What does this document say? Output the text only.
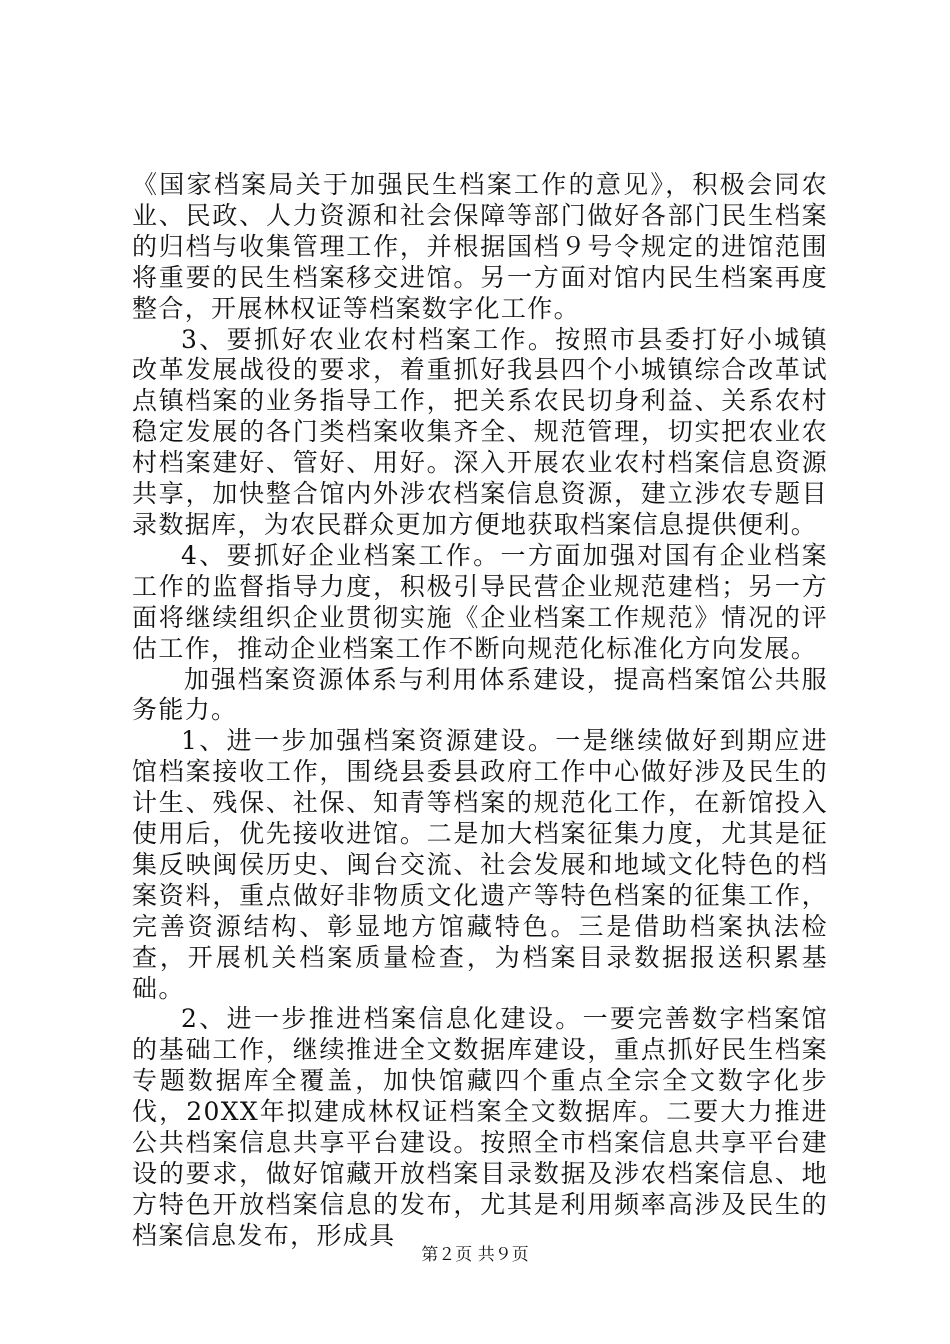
《国家档案局关于加强民生档案工作的意见》，积极会同农业、民政、人力资源和社会保障等部门做好各部门民生档案的归档与收集管理工作，并根据国档９号令规定的进馆范围将重要的民生档案移交进馆。另一方面对馆内民生档案再度整合，开展林权证等档案数字化工作。

3、要抓好农业农村档案工作。按照市县委打好小城镇改革发展战役的要求，着重抓好我县四个小城镇综合改革试点镇档案的业务指导工作，把关系农民切身利益、关系农村稳定发展的各门类档案收集齐全、规范管理，切实把农业农村档案建好、管好、用好。深入开展农业农村档案信息资源共享，加快整合馆内外涉农档案信息资源，建立涉农专题目录数据库，为农民群众更加方便地获取档案信息提供便利。

4、要抓好企业档案工作。一方面加强对国有企业档案工作的监督指导力度，积极引导民营企业规范建档；另一方面将继续组织企业贯彻实施《企业档案工作规范》情况的评估工作，推动企业档案工作不断向规范化标准化方向发展。

加强档案资源体系与利用体系建设，提高档案馆公共服务能力。

1、进一步加强档案资源建设。一是继续做好到期应进馆档案接收工作，围绕县委县政府工作中心做好涉及民生的计生、残保、社保、知青等档案的规范化工作，在新馆投入使用后，优先接收进馆。二是加大档案征集力度，尤其是征集反映闽侯历史、闽台交流、社会发展和地域文化特色的档案资料，重点做好非物质文化遗产等特色档案的征集工作，完善资源结构、彰显地方馆藏特色。三是借助档案执法检查，开展机关档案质量检查，为档案目录数据报送积累基础。

2、进一步推进档案信息化建设。一要完善数字档案馆的基础工作，继续推进全文数据库建设，重点抓好民生档案专题数据库全覆盖，加快馆藏四个重点全宗全文数字化步伐，20XX年拟建成林权证档案全文数据库。二要大力推进公共档案信息共享平台建设。按照全市档案信息共享平台建设的要求，做好馆藏开放档案目录数据及涉农档案信息、地方特色开放档案信息的发布，尤其是利用频率高涉及民生的档案信息发布，形成具

第２页 共９页
